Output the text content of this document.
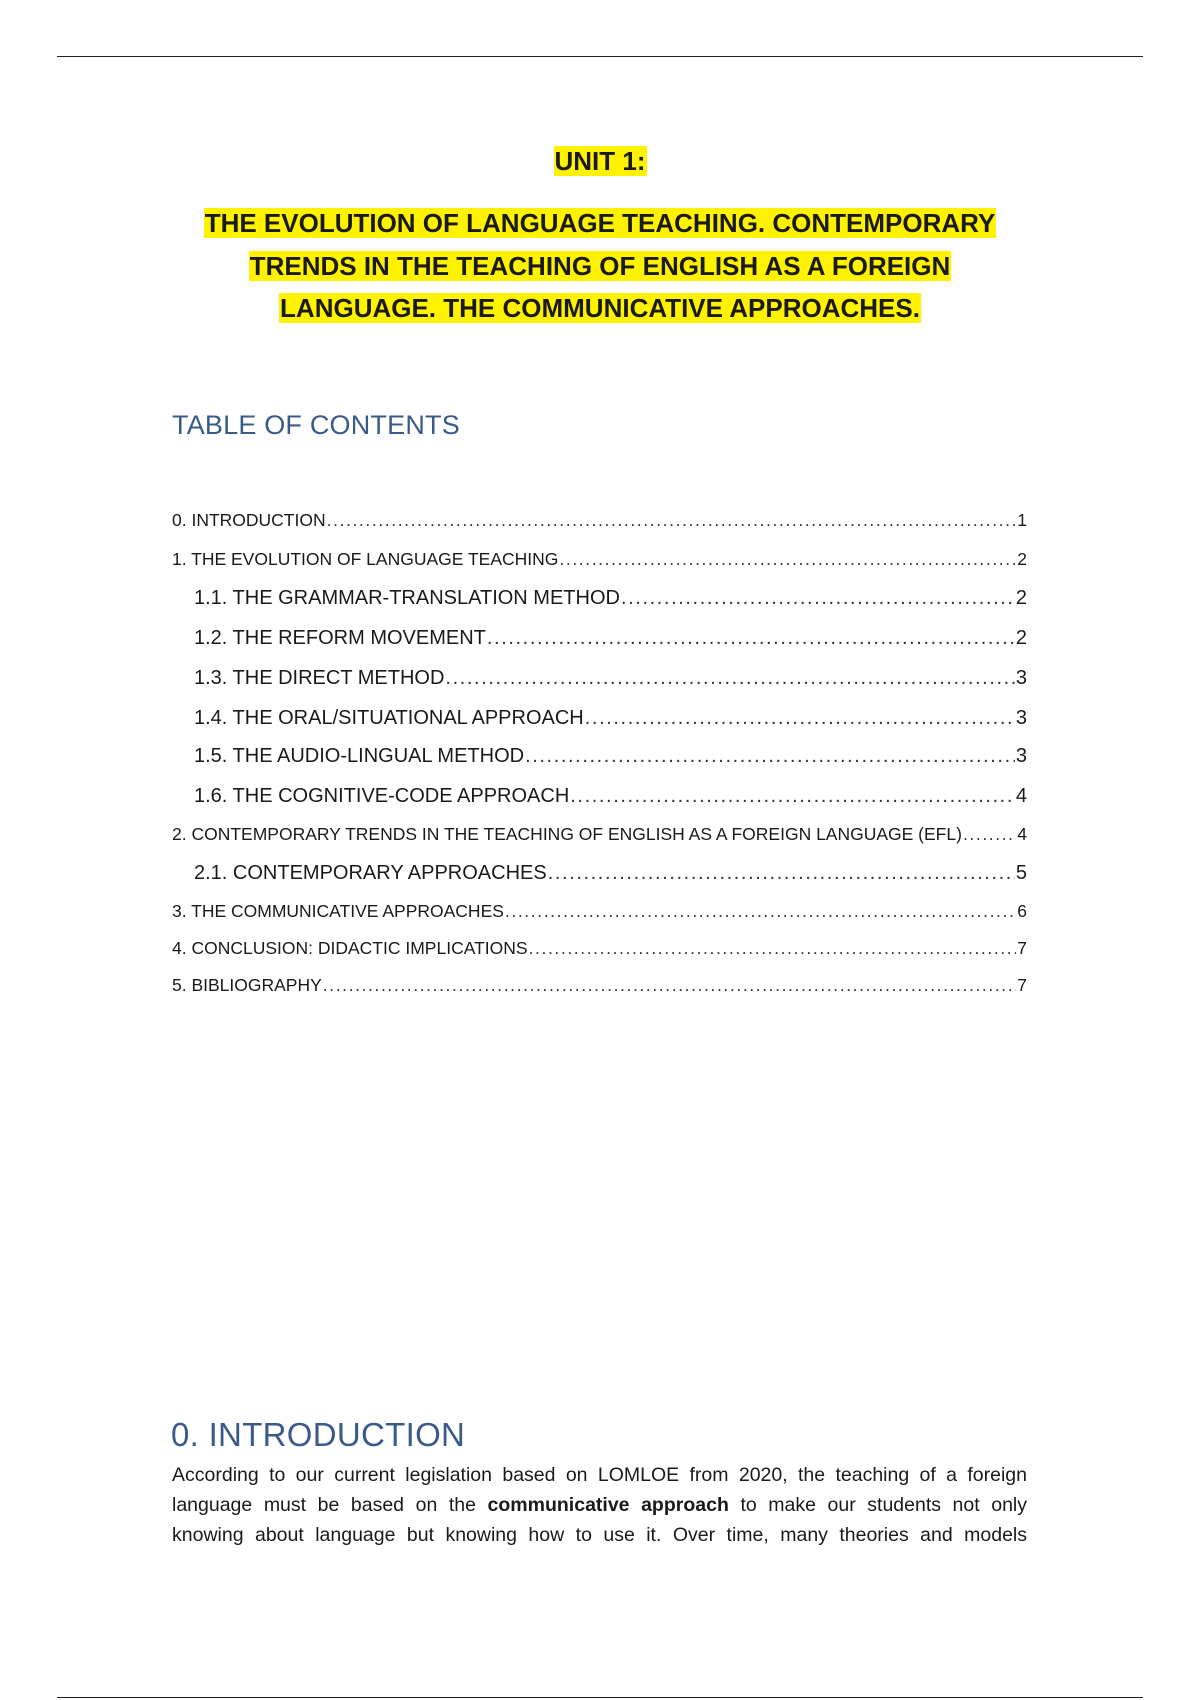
UNIT 1:
THE EVOLUTION OF LANGUAGE TEACHING. CONTEMPORARY
TRENDS IN THE TEACHING OF ENGLISH AS A FOREIGN
LANGUAGE. THE COMMUNICATIVE APPROACHES.
TABLE OF CONTENTS
0. INTRODUCTION .....	1
1. THE EVOLUTION OF LANGUAGE TEACHING .....	2
1.1. THE GRAMMAR-TRANSLATION METHOD .....	2
1.2. THE REFORM MOVEMENT .....	2
1.3. THE DIRECT METHOD .....	3
1.4. THE ORAL/SITUATIONAL APPROACH .....	3
1.5. THE AUDIO-LINGUAL METHOD .....	3
1.6. THE COGNITIVE-CODE APPROACH .....	4
2. CONTEMPORARY TRENDS IN THE TEACHING OF ENGLISH AS A FOREIGN LANGUAGE (EFL) .....	4
2.1. CONTEMPORARY APPROACHES .....	5
3. THE COMMUNICATIVE APPROACHES .....	6
4. CONCLUSION: DIDACTIC IMPLICATIONS .....	7
5. BIBLIOGRAPHY .....	7
0. INTRODUCTION
According to our current legislation based on LOMLOE from 2020, the teaching of a foreign
language must be based on the communicative approach to make our students not only
knowing about language but knowing how to use it. Over time, many theories and models
